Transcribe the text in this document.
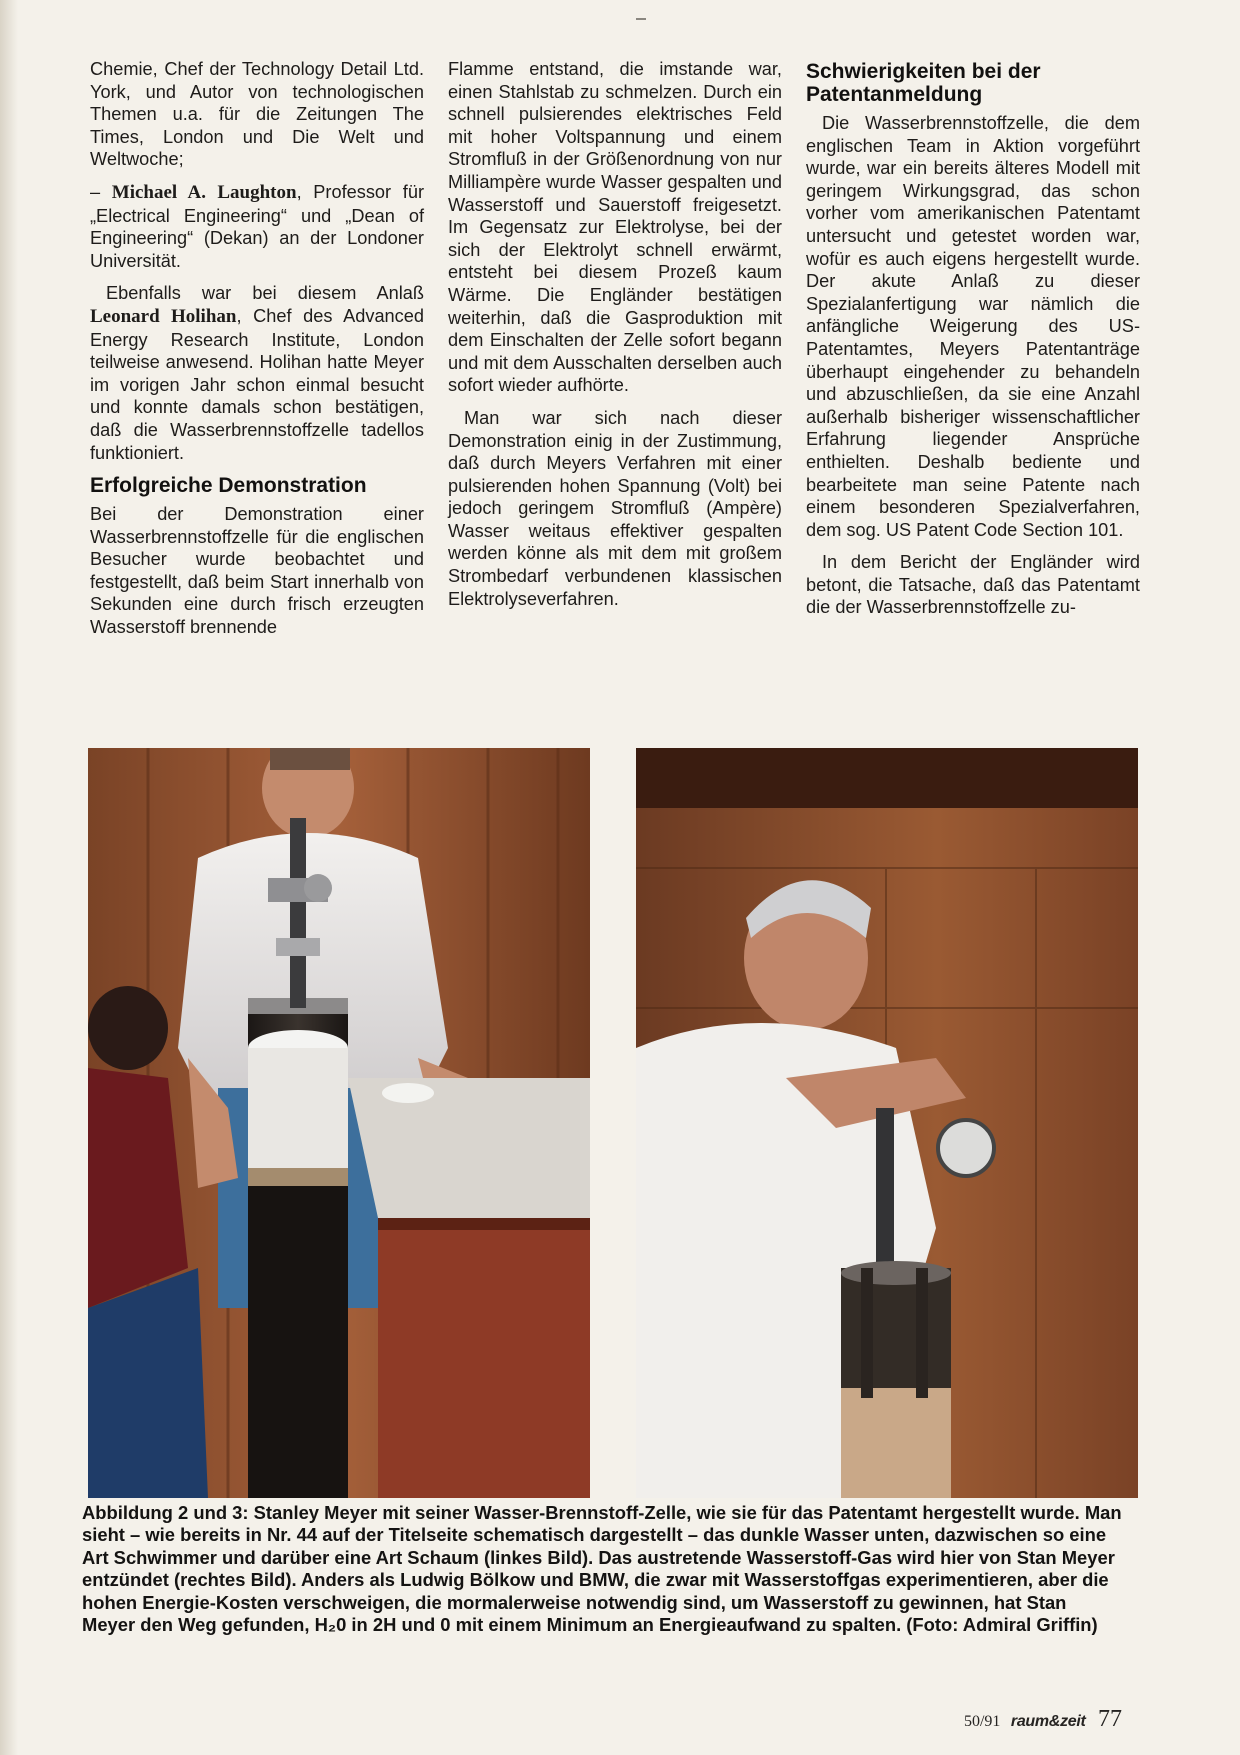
Chemie, Chef der Technology Detail Ltd. York, und Autor von technologischen Themen u.a. für die Zeitungen The Times, London und Die Welt und Weltwoche;

– Michael A. Laughton, Professor für „Electrical Engineering“ und „Dean of Engineering“ (Dekan) an der Londoner Universität.

Ebenfalls war bei diesem Anlaß Leonard Holihan, Chef des Advanced Energy Research Institute, London teilweise anwesend. Holihan hatte Meyer im vorigen Jahr schon einmal besucht und konnte damals schon bestätigen, daß die Wasserbrennstoffzelle tadellos funktioniert.

Erfolgreiche Demonstration

Bei der Demonstration einer Wasserbrennstoffzelle für die englischen Besucher wurde beobachtet und festgestellt, daß beim Start innerhalb von Sekunden eine durch frisch erzeugten Wasserstoff brennende

Flamme entstand, die imstande war, einen Stahlstab zu schmelzen. Durch ein schnell pulsierendes elektrisches Feld mit hoher Voltspannung und einem Stromfluß in der Größenordnung von nur Milliampère wurde Wasser gespalten und Wasserstoff und Sauerstoff freigesetzt. Im Gegensatz zur Elektrolyse, bei der sich der Elektrolyt schnell erwärmt, entsteht bei diesem Prozeß kaum Wärme. Die Engländer bestätigen weiterhin, daß die Gasproduktion mit dem Einschalten der Zelle sofort begann und mit dem Ausschalten derselben auch sofort wieder aufhörte.

Man war sich nach dieser Demonstration einig in der Zustimmung, daß durch Meyers Verfahren mit einer pulsierenden hohen Spannung (Volt) bei jedoch geringem Stromfluß (Ampère) Wasser weitaus effektiver gespalten werden könne als mit dem mit großem Strombedarf verbundenen klassischen Elektrolyseverfahren.

Schwierigkeiten bei der Patentanmeldung

Die Wasserbrennstoffzelle, die dem englischen Team in Aktion vorgeführt wurde, war ein bereits älteres Modell mit geringem Wirkungsgrad, das schon vorher vom amerikanischen Patentamt untersucht und getestet worden war, wofür es auch eigens hergestellt wurde. Der akute Anlaß zu dieser Spezialanfertigung war nämlich die anfängliche Weigerung des US-Patentamtes, Meyers Patentanträge überhaupt eingehender zu behandeln und abzuschließen, da sie eine Anzahl außerhalb bisheriger wissenschaftlicher Erfahrung liegender Ansprüche enthielten. Deshalb bediente und bearbeitete man seine Patente nach einem besonderen Spezialverfahren, dem sog. US Patent Code Section 101.

In dem Bericht der Engländer wird betont, die Tatsache, daß das Patentamt die der Wasserbrennstoffzelle zu-

Abbildung 2 und 3: Stanley Meyer mit seiner Wasser-Brennstoff-Zelle, wie sie für das Patentamt hergestellt wurde. Man sieht – wie bereits in Nr. 44 auf der Titelseite schematisch dargestellt – das dunkle Wasser unten, dazwischen so eine Art Schwimmer und darüber eine Art Schaum (linkes Bild). Das austretende Wasserstoff-Gas wird hier von Stan Meyer entzündet (rechtes Bild). Anders als Ludwig Bölkow und BMW, die zwar mit Wasserstoffgas experimentieren, aber die hohen Energie-Kosten verschweigen, die mormalerweise notwendig sind, um Wasserstoff zu gewinnen, hat Stan Meyer den Weg gefunden, H₂0 in 2H und 0 mit einem Minimum an Energieaufwand zu spalten. (Foto: Admiral Griffin)
50/91 raum&zeit 77
